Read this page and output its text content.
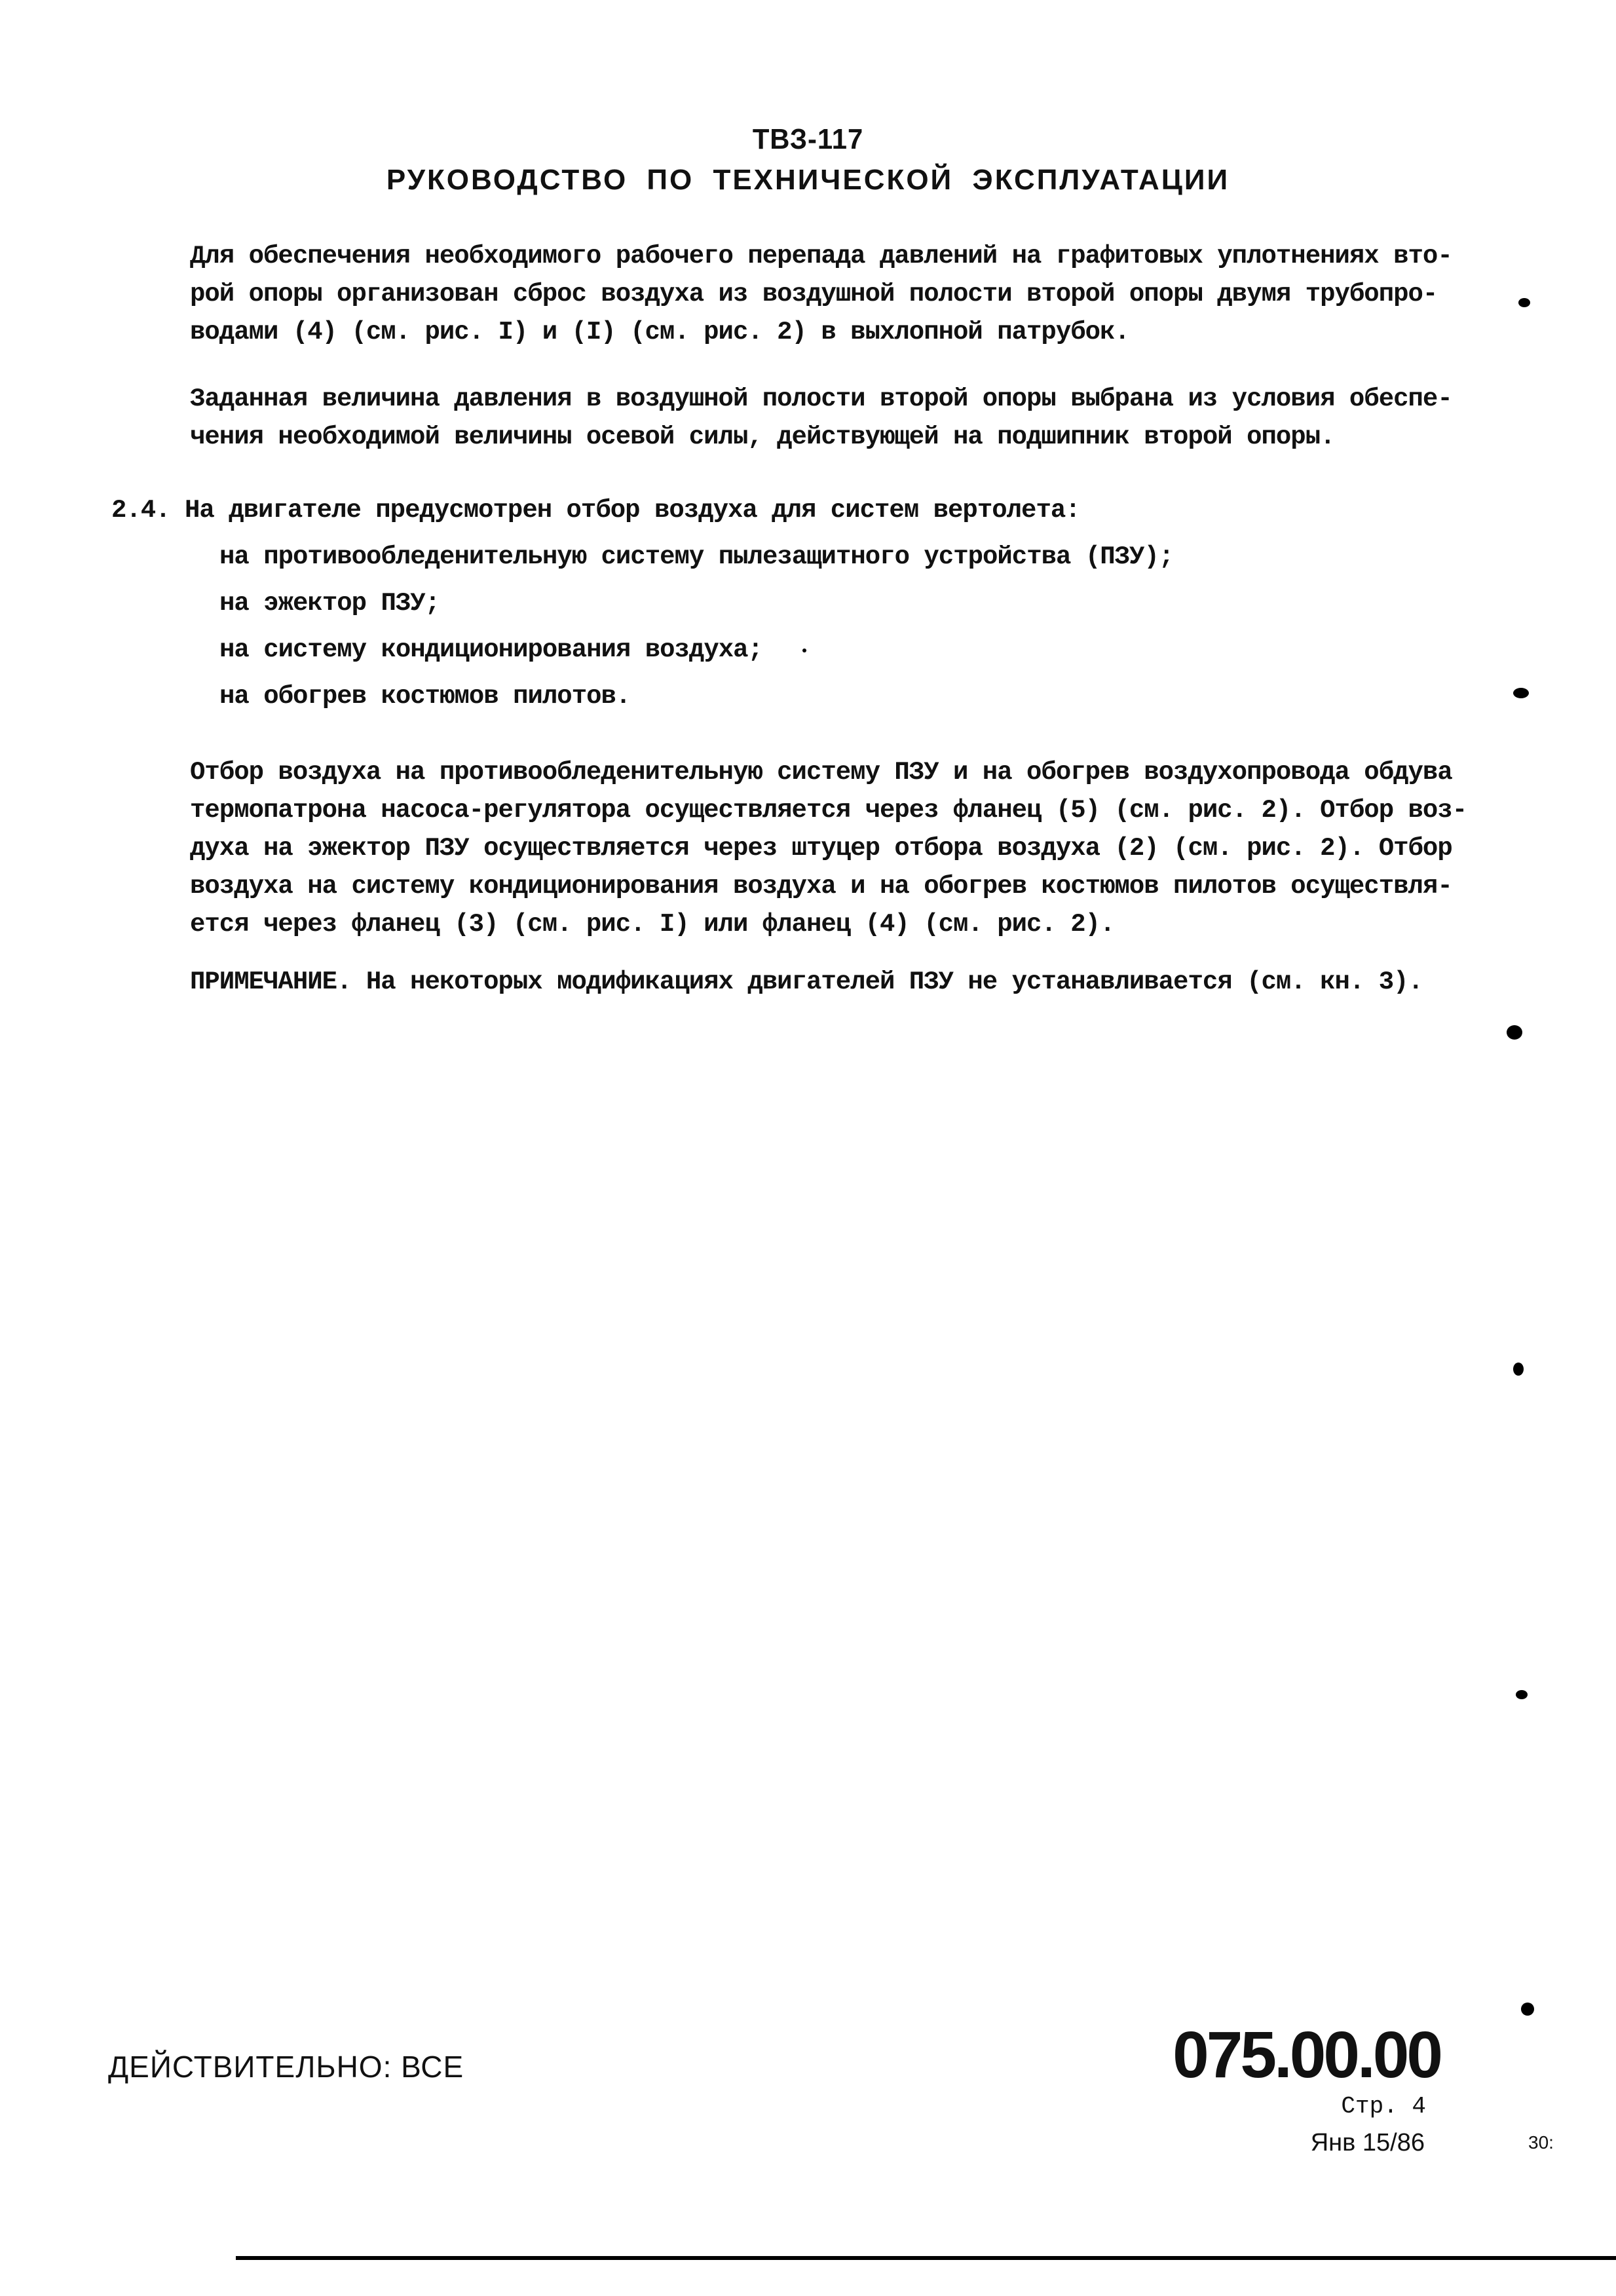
ТВЗ-117
РУКОВОДСТВО ПО ТЕХНИЧЕСКОЙ ЭКСПЛУАТАЦИИ
Для обеспечения необходимого рабочего перепада давлений на графитовых уплотнениях вто-
рой опоры организован сброс воздуха из воздушной полости второй опоры двумя трубопро-
водами (4) (см. рис. I) и (I) (см. рис. 2) в выхлопной патрубок.
Заданная величина давления в воздушной полости второй опоры выбрана из условия обеспе-
чения необходимой величины осевой силы, действующей на подшипник второй опоры.
2.4. На двигателе предусмотрен отбор воздуха для систем вертолета:
на противообледенительную систему пылезащитного устройства (ПЗУ);
на эжектор ПЗУ;
на систему кондиционирования воздуха;
на обогрев костюмов пилотов.
Отбор воздуха на противообледенительную систему ПЗУ и на обогрев воздухопровода обдува
термопатрона насоса-регулятора осуществляется через фланец (5) (см. рис. 2). Отбор воз-
духа на эжектор ПЗУ осуществляется через штуцер отбора воздуха (2) (см. рис. 2). Отбор
воздуха на систему кондиционирования воздуха и на обогрев костюмов пилотов осуществля-
ется через фланец (3) (см. рис. I) или фланец (4) (см. рис. 2).
ПРИМЕЧАНИЕ. На некоторых модификациях двигателей ПЗУ не устанавливается (см. кн. 3).
ДЕЙСТВИТЕЛЬНО: ВСЕ	075.00.00
Стр. 4
Янв 15/86	30:
